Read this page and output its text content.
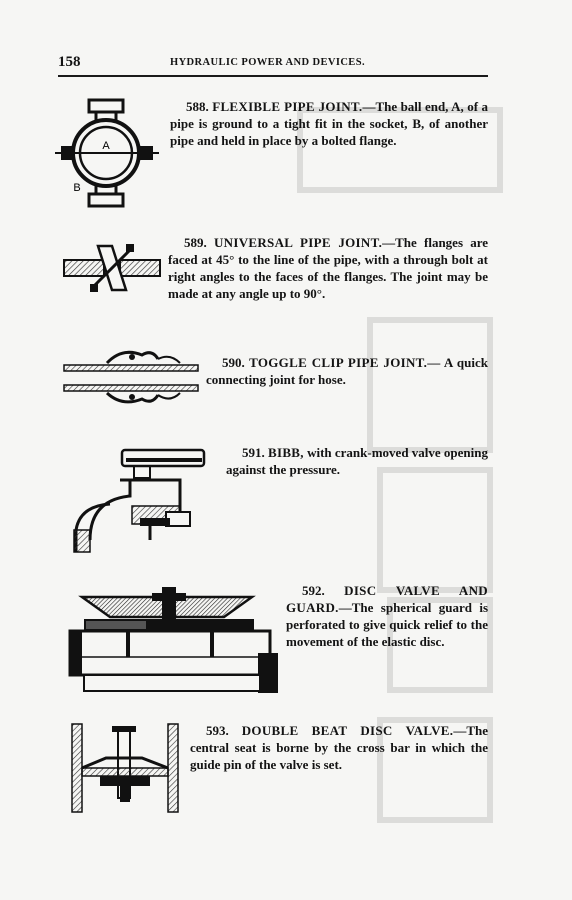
158	HYDRAULIC POWER AND DEVICES.
A
B
588. FLEXIBLE PIPE JOINT.—The ball end, A, of a pipe is ground to a tight fit in the socket, B, of another pipe and held in place by a bolted flange.
589. UNIVERSAL PIPE JOINT.—The flanges are faced at 45° to the line of the pipe, with a through bolt at right angles to the faces of the flanges. The joint may be made at any angle up to 90°.
590. TOGGLE CLIP PIPE JOINT.— A quick connecting joint for hose.
591. BIBB, with crank-moved valve opening against the pressure.
592. DISC VALVE AND GUARD.—The spherical guard is perforated to give quick relief to the movement of the elastic disc.
593. DOUBLE BEAT DISC VALVE.—The central seat is borne by the cross bar in which the guide pin of the valve is set.
